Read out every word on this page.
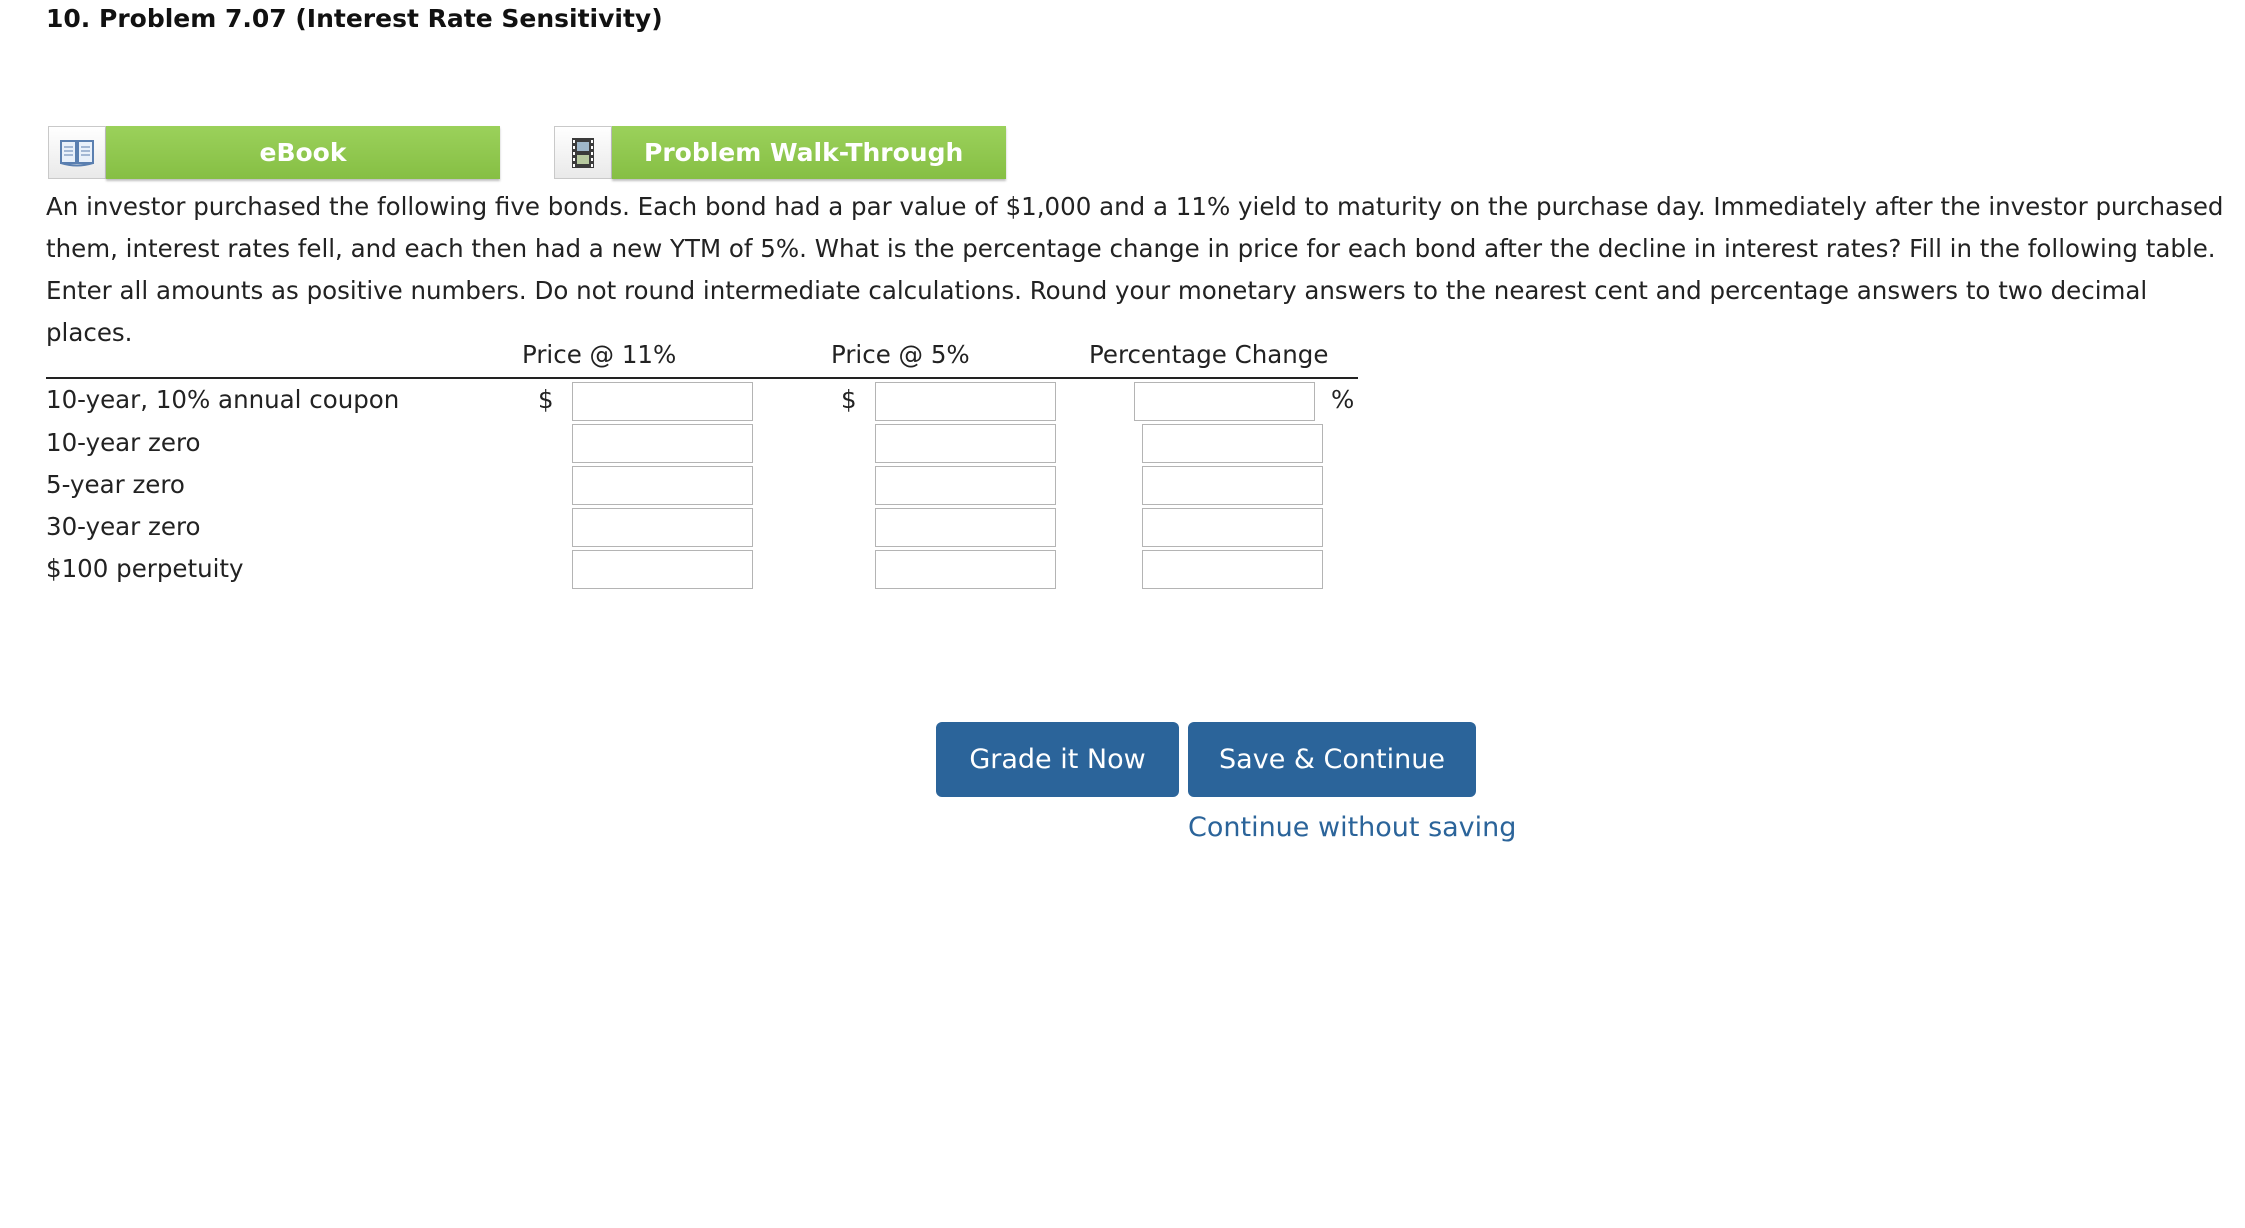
10. Problem 7.07 (Interest Rate Sensitivity)
eBook	Problem Walk-Through
An investor purchased the following five bonds. Each bond had a par value of $1,000 and a 11% yield to maturity on the purchase day. Immediately after the investor purchased them, interest rates fell, and each then had a new YTM of 5%. What is the percentage change in price for each bond after the decline in interest rates? Fill in the following table. Enter all amounts as positive numbers. Do not round intermediate calculations. Round your monetary answers to the nearest cent and percentage answers to two decimal places.
Price @ 11%	Price @ 5%	Percentage Change
10-year, 10% annual coupon	$	$	%
10-year zero
5-year zero
30-year zero
$100 perpetuity
Grade it Now	Save & Continue
Continue without saving
